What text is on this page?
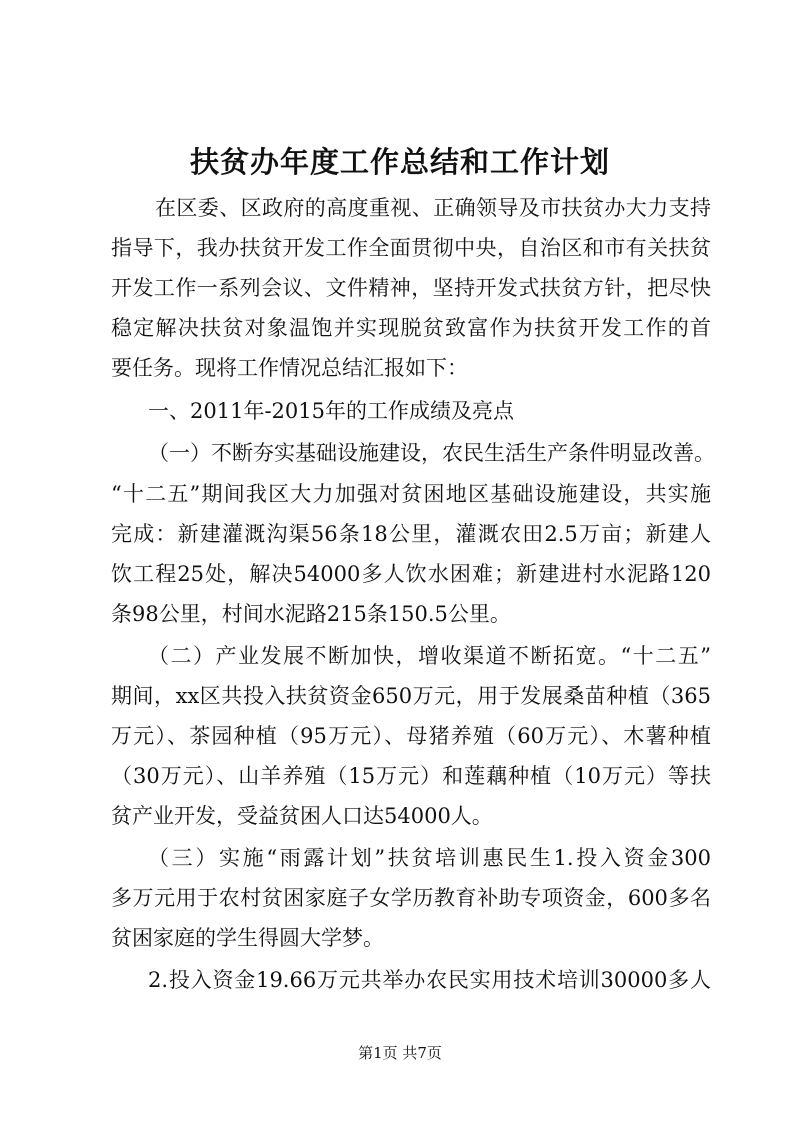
扶贫办年度工作总结和工作计划
在区委、区政府的高度重视、正确领导及市扶贫办大力支持
指导下，我办扶贫开发工作全面贯彻中央，自治区和市有关扶贫
开发工作一系列会议、文件精神，坚持开发式扶贫方针，把尽快
稳定解决扶贫对象温饱并实现脱贫致富作为扶贫开发工作的首
要任务。现将工作情况总结汇报如下：
一、2011年-2015年的工作成绩及亮点
（一）不断夯实基础设施建设，农民生活生产条件明显改善。
“十二五”期间我区大力加强对贫困地区基础设施建设，共实施
完成：新建灌溉沟渠56条18公里，灌溉农田2.5万亩；新建人
饮工程25处，解决54000多人饮水困难；新建进村水泥路120
条98公里，村间水泥路215条150.5公里。
（二）产业发展不断加快，增收渠道不断拓宽。“十二五”
期间，xx区共投入扶贫资金650万元，用于发展桑苗种植（365
万元）、茶园种植（95万元）、母猪养殖（60万元）、木薯种植
（30万元）、山羊养殖（15万元）和莲藕种植（10万元）等扶
贫产业开发，受益贫困人口达54000人。
（三）实施“雨露计划”扶贫培训惠民生1.投入资金300
多万元用于农村贫困家庭子女学历教育补助专项资金，600多名
贫困家庭的学生得圆大学梦。
2.投入资金19.66万元共举办农民实用技术培训30000多人
第1页 共7页
